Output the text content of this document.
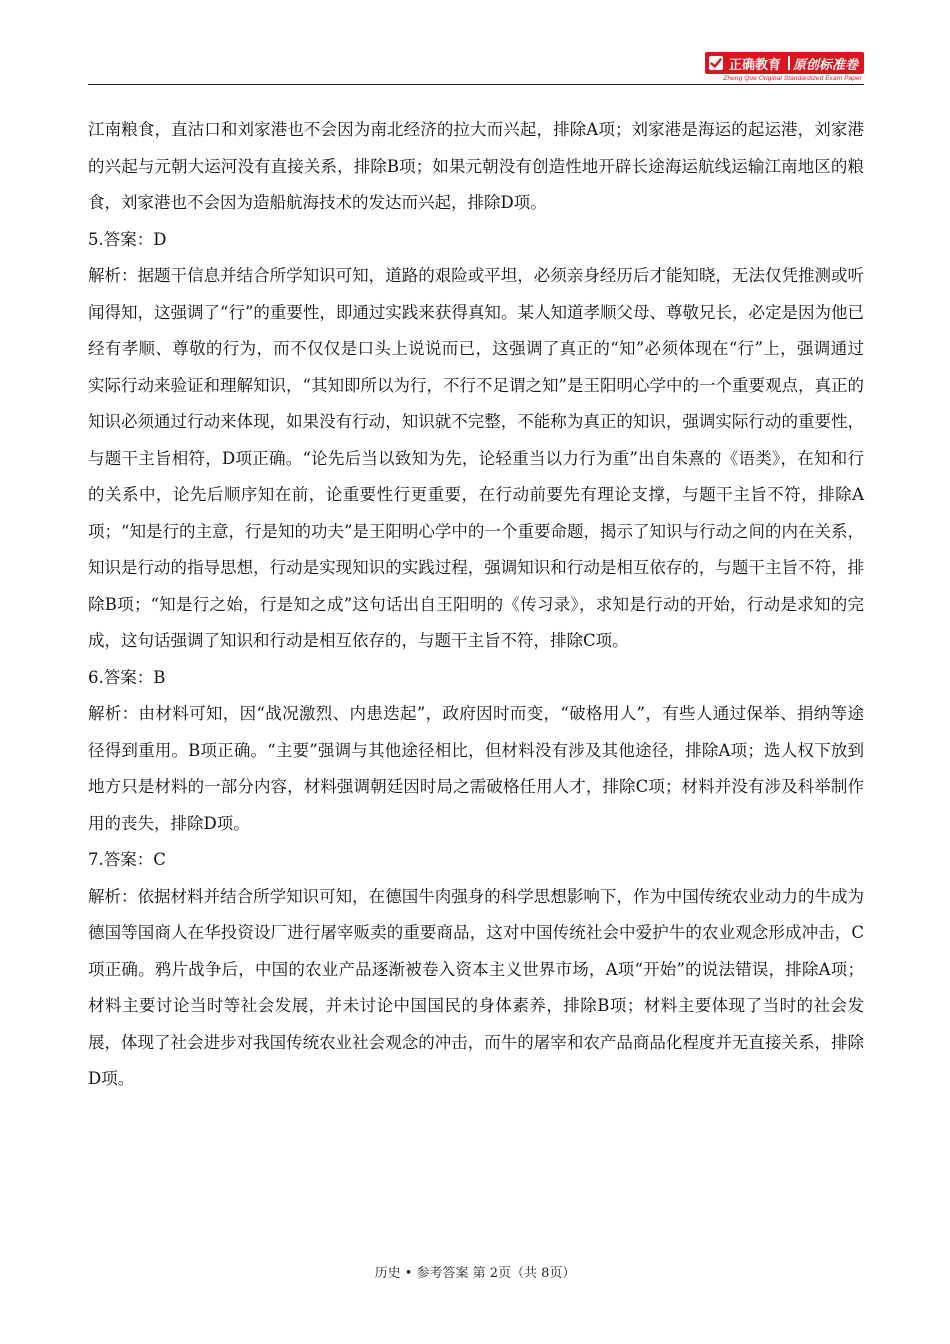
正确教育 原创标准卷
Zheng Que Original Standardized Exam Paper

江南粮食，直沽口和刘家港也不会因为南北经济的拉大而兴起，排除A项；刘家港是海运的起运港，刘家港的兴起与元朝大运河没有直接关系，排除B项；如果元朝没有创造性地开辟长途海运航线运输江南地区的粮食，刘家港也不会因为造船航海技术的发达而兴起，排除D项。

5.答案：D

解析：据题干信息并结合所学知识可知，道路的艰险或平坦，必须亲身经历后才能知晓，无法仅凭推测或听闻得知，这强调了“行”的重要性，即通过实践来获得真知。某人知道孝顺父母、尊敬兄长，必定是因为他已经有孝顺、尊敬的行为，而不仅仅是口头上说说而已，这强调了真正的“知”必须体现在“行”上，强调通过实际行动来验证和理解知识，“其知即所以为行，不行不足谓之知”是王阳明心学中的一个重要观点，真正的知识必须通过行动来体现，如果没有行动，知识就不完整，不能称为真正的知识，强调实际行动的重要性，与题干主旨相符，D项正确。“论先后当以致知为先，论轻重当以力行为重”出自朱熹的《语类》，在知和行的关系中，论先后顺序知在前，论重要性行更重要，在行动前要先有理论支撑，与题干主旨不符，排除A项；“知是行的主意，行是知的功夫”是王阳明心学中的一个重要命题，揭示了知识与行动之间的内在关系，知识是行动的指导思想，行动是实现知识的实践过程，强调知识和行动是相互依存的，与题干主旨不符，排除B项；“知是行之始，行是知之成”这句话出自王阳明的《传习录》，求知是行动的开始，行动是求知的完成，这句话强调了知识和行动是相互依存的，与题干主旨不符，排除C项。

6.答案：B

解析：由材料可知，因“战况激烈、内患迭起”，政府因时而变，“破格用人”，有些人通过保举、捐纳等途径得到重用。B项正确。“主要”强调与其他途径相比，但材料没有涉及其他途径，排除A项；选人权下放到地方只是材料的一部分内容，材料强调朝廷因时局之需破格任用人才，排除C项；材料并没有涉及科举制作用的丧失，排除D项。

7.答案：C

解析：依据材料并结合所学知识可知，在德国牛肉强身的科学思想影响下，作为中国传统农业动力的牛成为德国等国商人在华投资设厂进行屠宰贩卖的重要商品，这对中国传统社会中爱护牛的农业观念形成冲击，C项正确。鸦片战争后，中国的农业产品逐渐被卷入资本主义世界市场，A项“开始”的说法错误，排除A项；材料主要讨论当时等社会发展，并未讨论中国国民的身体素养，排除B项；材料主要体现了当时的社会发展，体现了社会进步对我国传统农业社会观念的冲击，而牛的屠宰和农产品商品化程度并无直接关系，排除D项。

历史 • 参考答案 第 2页（共 8页）
